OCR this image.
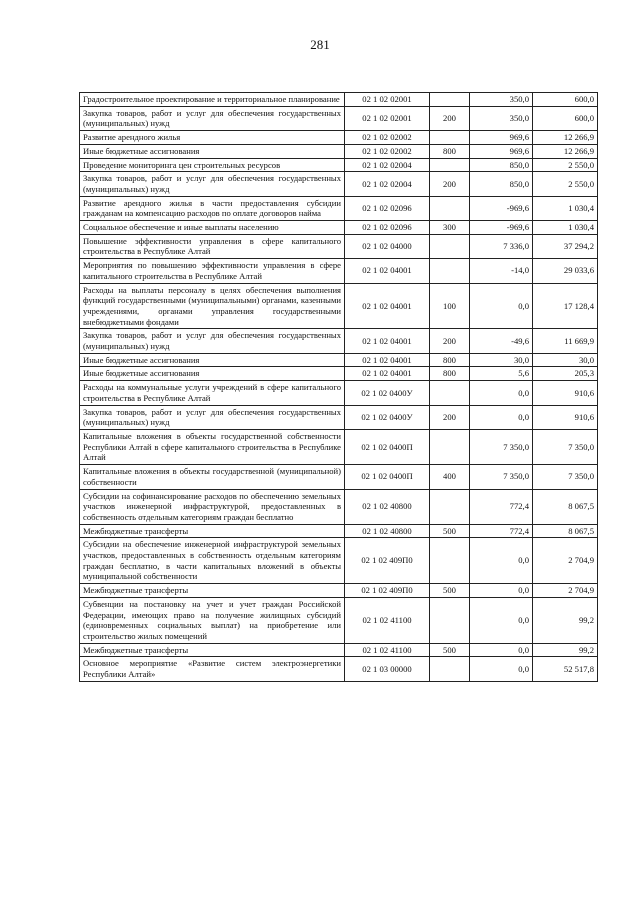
281
Градостроительное проектирование и территориальное планирование	02 1 02 02001		350,0	600,0
Закупка товаров, работ и услуг для обеспечения государственных (муниципальных) нужд	02 1 02 02001	200	350,0	600,0
Развитие арендного жилья	02 1 02 02002		969,6	12 266,9
Иные бюджетные ассигнования	02 1 02 02002	800	969,6	12 266,9
Проведение мониторинга цен строительных ресурсов	02 1 02 02004		850,0	2 550,0
Закупка товаров, работ и услуг для обеспечения государственных (муниципальных) нужд	02 1 02 02004	200	850,0	2 550,0
Развитие арендного жилья в части предоставления субсидии гражданам на компенсацию расходов по оплате договоров найма	02 1 02 02096		-969,6	1 030,4
Социальное обеспечение и иные выплаты населению	02 1 02 02096	300	-969,6	1 030,4
Повышение эффективности управления в сфере капитального строительства в Республике Алтай	02 1 02 04000		7 336,0	37 294,2
Мероприятия по повышению эффективности управления в сфере капитального строительства в Республике Алтай	02 1 02 04001		-14,0	29 033,6
Расходы на выплаты персоналу в целях обеспечения выполнения функций государственными (муниципальными) органами, казенными учреждениями, органами управления государственными внебюджетными фондами	02 1 02 04001	100	0,0	17 128,4
Закупка товаров, работ и услуг для обеспечения государственных (муниципальных) нужд	02 1 02 04001	200	-49,6	11 669,9
Иные бюджетные ассигнования	02 1 02 04001	800	30,0	30,0
Иные бюджетные ассигнования	02 1 02 04001	800	5,6	205,3
Расходы на коммунальные услуги учреждений в сфере капитального строительства в Республике Алтай	02 1 02 0400У		0,0	910,6
Закупка товаров, работ и услуг для обеспечения государственных (муниципальных) нужд	02 1 02 0400У	200	0,0	910,6
Капитальные вложения в объекты государственной собственности Республики Алтай в сфере капитального строительства в Республике Алтай	02 1 02 0400П		7 350,0	7 350,0
Капитальные вложения в объекты государственной (муниципальной) собственности	02 1 02 0400П	400	7 350,0	7 350,0
Субсидии на софинансирование расходов по обеспечению земельных участков инженерной инфраструктурой, предоставленных в собственность отдельным категориям граждан бесплатно	02 1 02 40800		772,4	8 067,5
Межбюджетные трансферты	02 1 02 40800	500	772,4	8 067,5
Субсидии на обеспечение инженерной инфраструктурой земельных участков, предоставленных в собственность отдельным категориям граждан бесплатно, в части капитальных вложений в объекты муниципальной собственности	02 1 02 409П0		0,0	2 704,9
Межбюджетные трансферты	02 1 02 409П0	500	0,0	2 704,9
Субвенции на постановку на учет и учет граждан Российской Федерации, имеющих право на получение жилищных субсидий (единовременных социальных выплат) на приобретение или строительство жилых помещений	02 1 02 41100		0,0	99,2
Межбюджетные трансферты	02 1 02 41100	500	0,0	99,2
Основное мероприятие «Развитие систем электроэнергетики Республики Алтай»	02 1 03 00000		0,0	52 517,8
